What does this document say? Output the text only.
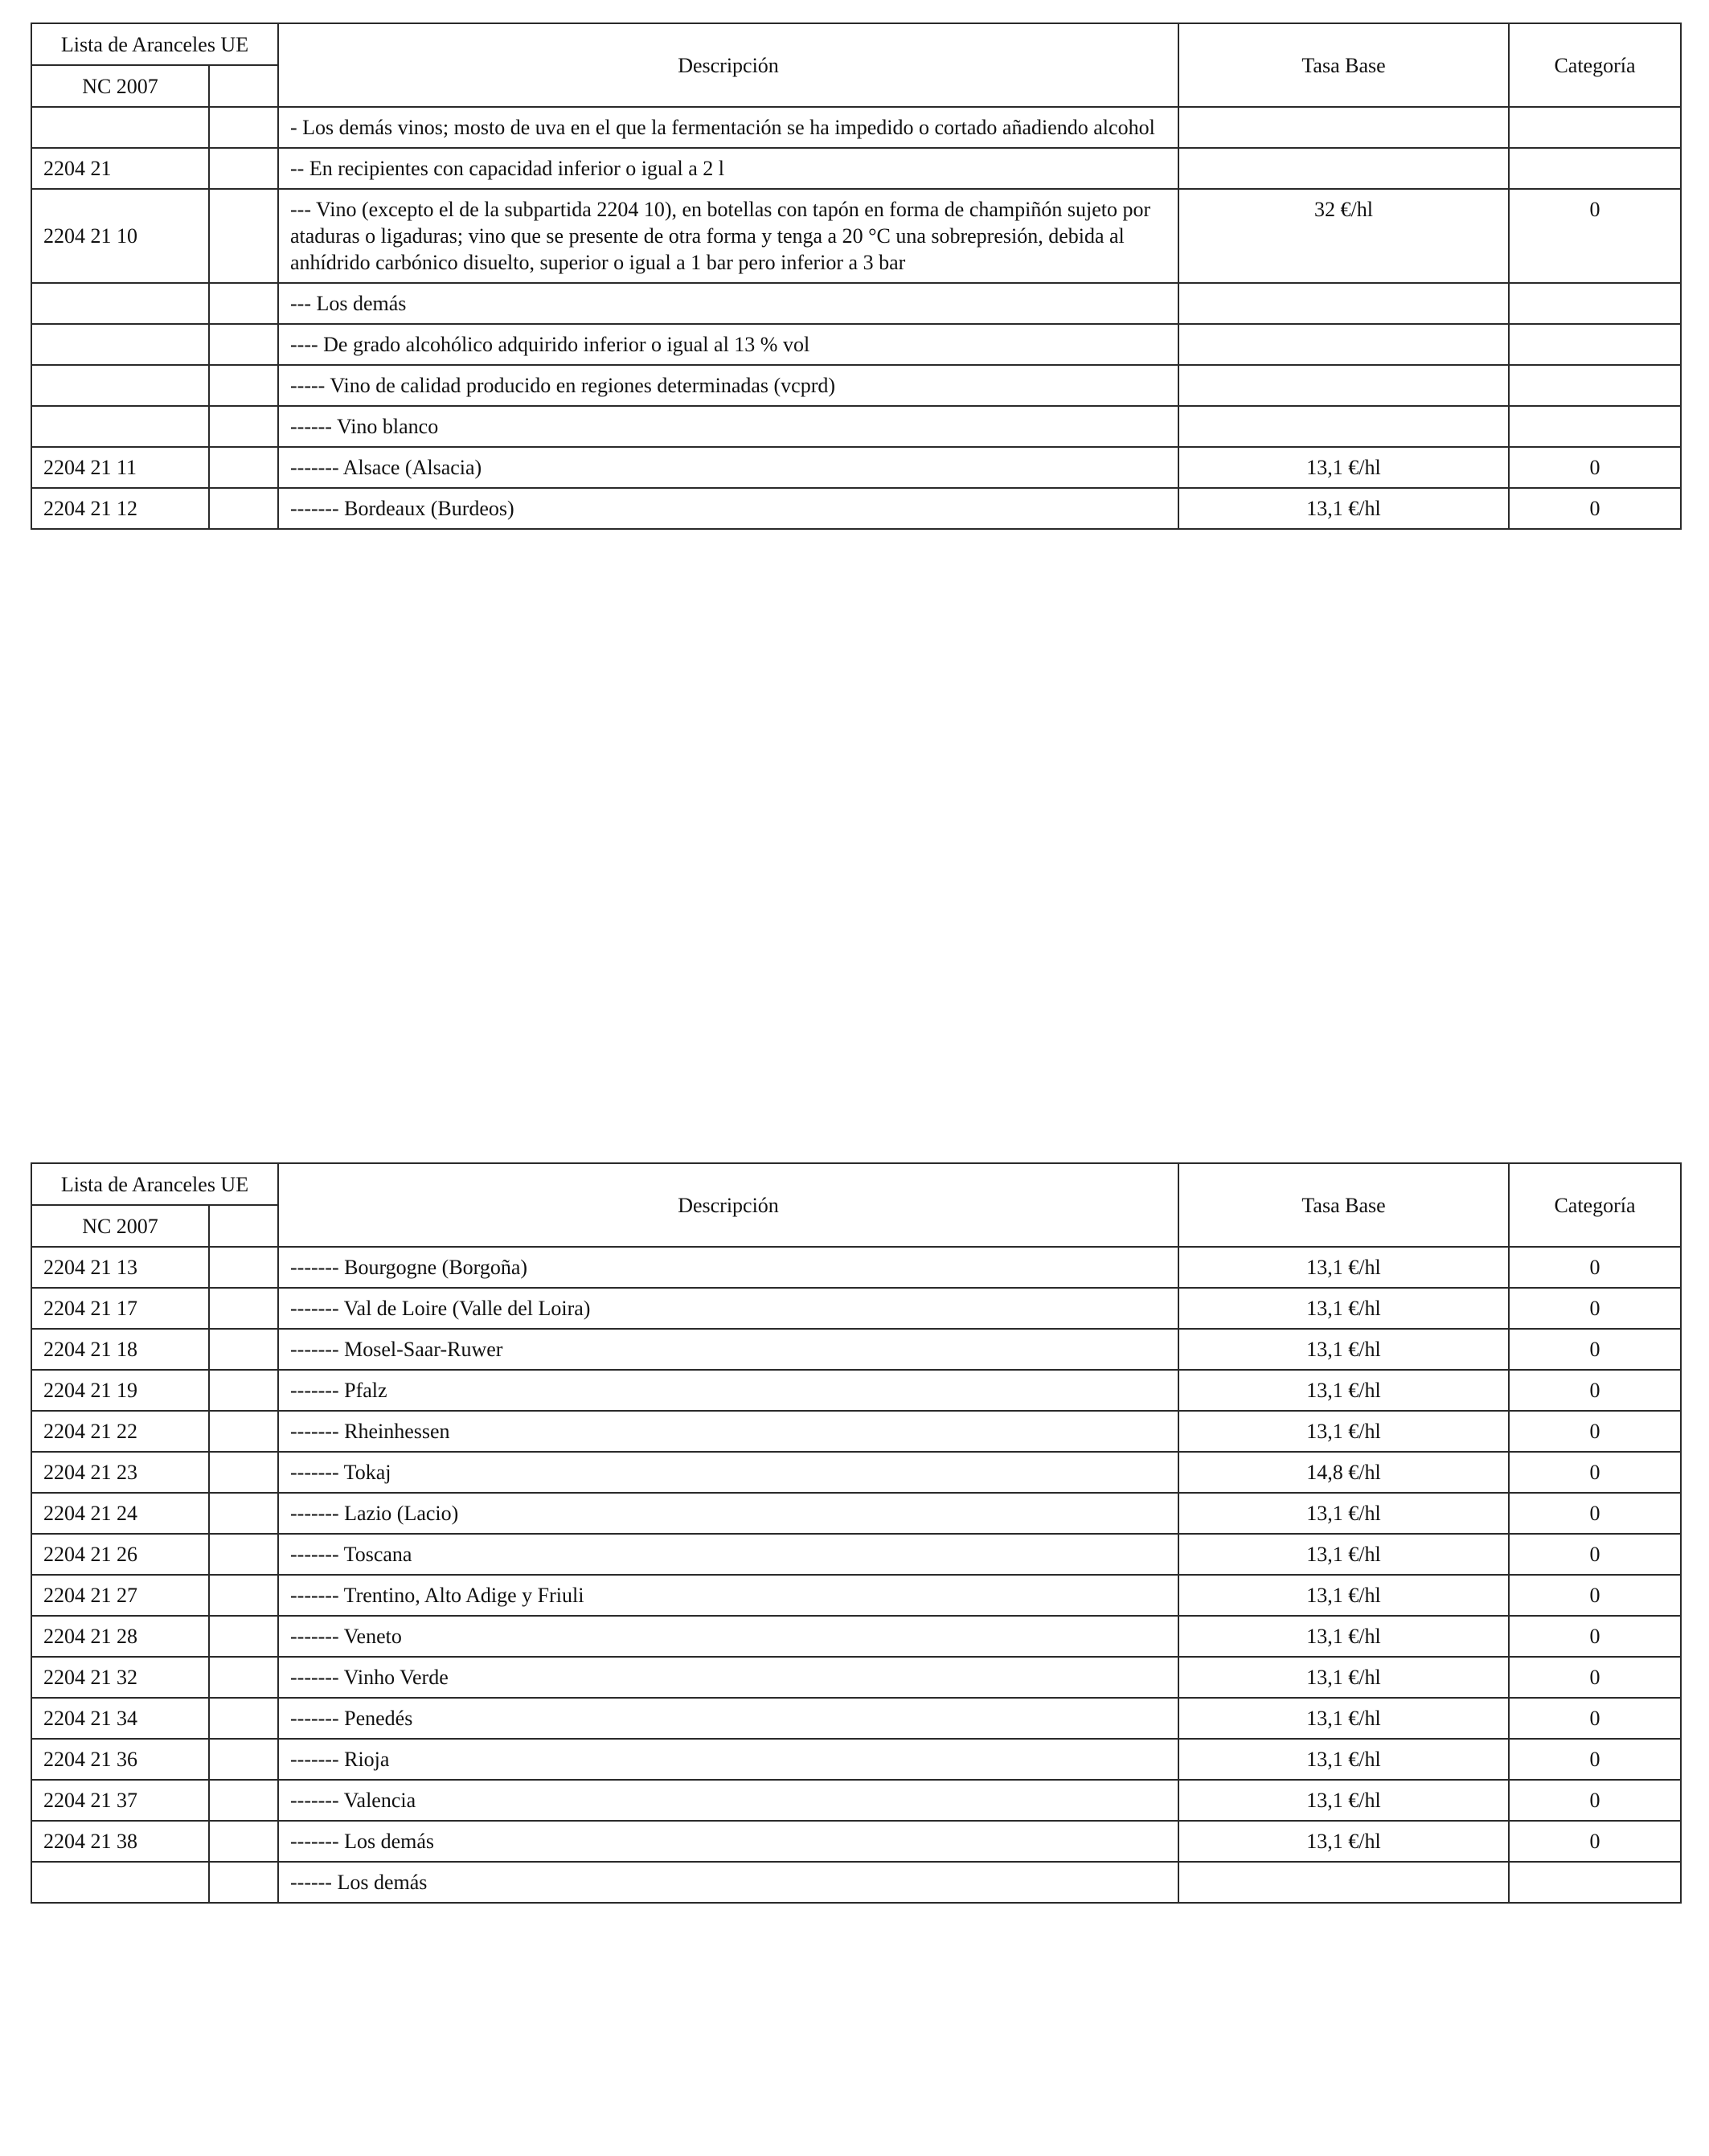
Lista de Aranceles UE		Descripción	Tasa Base	Categoría
NC 2007				
		- Los demás vinos; mosto de uva en el que la fermentación se ha impedido o cortado añadiendo alcohol		
2204 21		-- En recipientes con capacidad inferior o igual a 2 l		
2204 21 10		--- Vino (excepto el de la subpartida 2204 10), en botellas con tapón en forma de champiñón sujeto por ataduras o ligaduras; vino que se presente de otra forma y tenga a 20 °C una sobrepresión, debida al anhídrido carbónico disuelto, superior o igual a 1 bar pero inferior a 3 bar	32 €/hl	0
		--- Los demás		
		---- De grado alcohólico adquirido inferior o igual al 13 % vol		
		----- Vino de calidad producido en regiones determinadas (vcprd)		
		------ Vino blanco		
2204 21 11		------- Alsace (Alsacia)	13,1 €/hl	0
2204 21 12		------- Bordeaux (Burdeos)	13,1 €/hl	0
Lista de Aranceles UE		Descripción	Tasa Base	Categoría
NC 2007				
2204 21 13		------- Bourgogne (Borgoña)	13,1 €/hl	0
2204 21 17		------- Val de Loire (Valle del Loira)	13,1 €/hl	0
2204 21 18		------- Mosel-Saar-Ruwer	13,1 €/hl	0
2204 21 19		------- Pfalz	13,1 €/hl	0
2204 21 22		------- Rheinhessen	13,1 €/hl	0
2204 21 23		------- Tokaj	14,8 €/hl	0
2204 21 24		------- Lazio (Lacio)	13,1 €/hl	0
2204 21 26		------- Toscana	13,1 €/hl	0
2204 21 27		------- Trentino, Alto Adige y Friuli	13,1 €/hl	0
2204 21 28		------- Veneto	13,1 €/hl	0
2204 21 32		------- Vinho Verde	13,1 €/hl	0
2204 21 34		------- Penedés	13,1 €/hl	0
2204 21 36		------- Rioja	13,1 €/hl	0
2204 21 37		------- Valencia	13,1 €/hl	0
2204 21 38		------- Los demás	13,1 €/hl	0
		------ Los demás		
